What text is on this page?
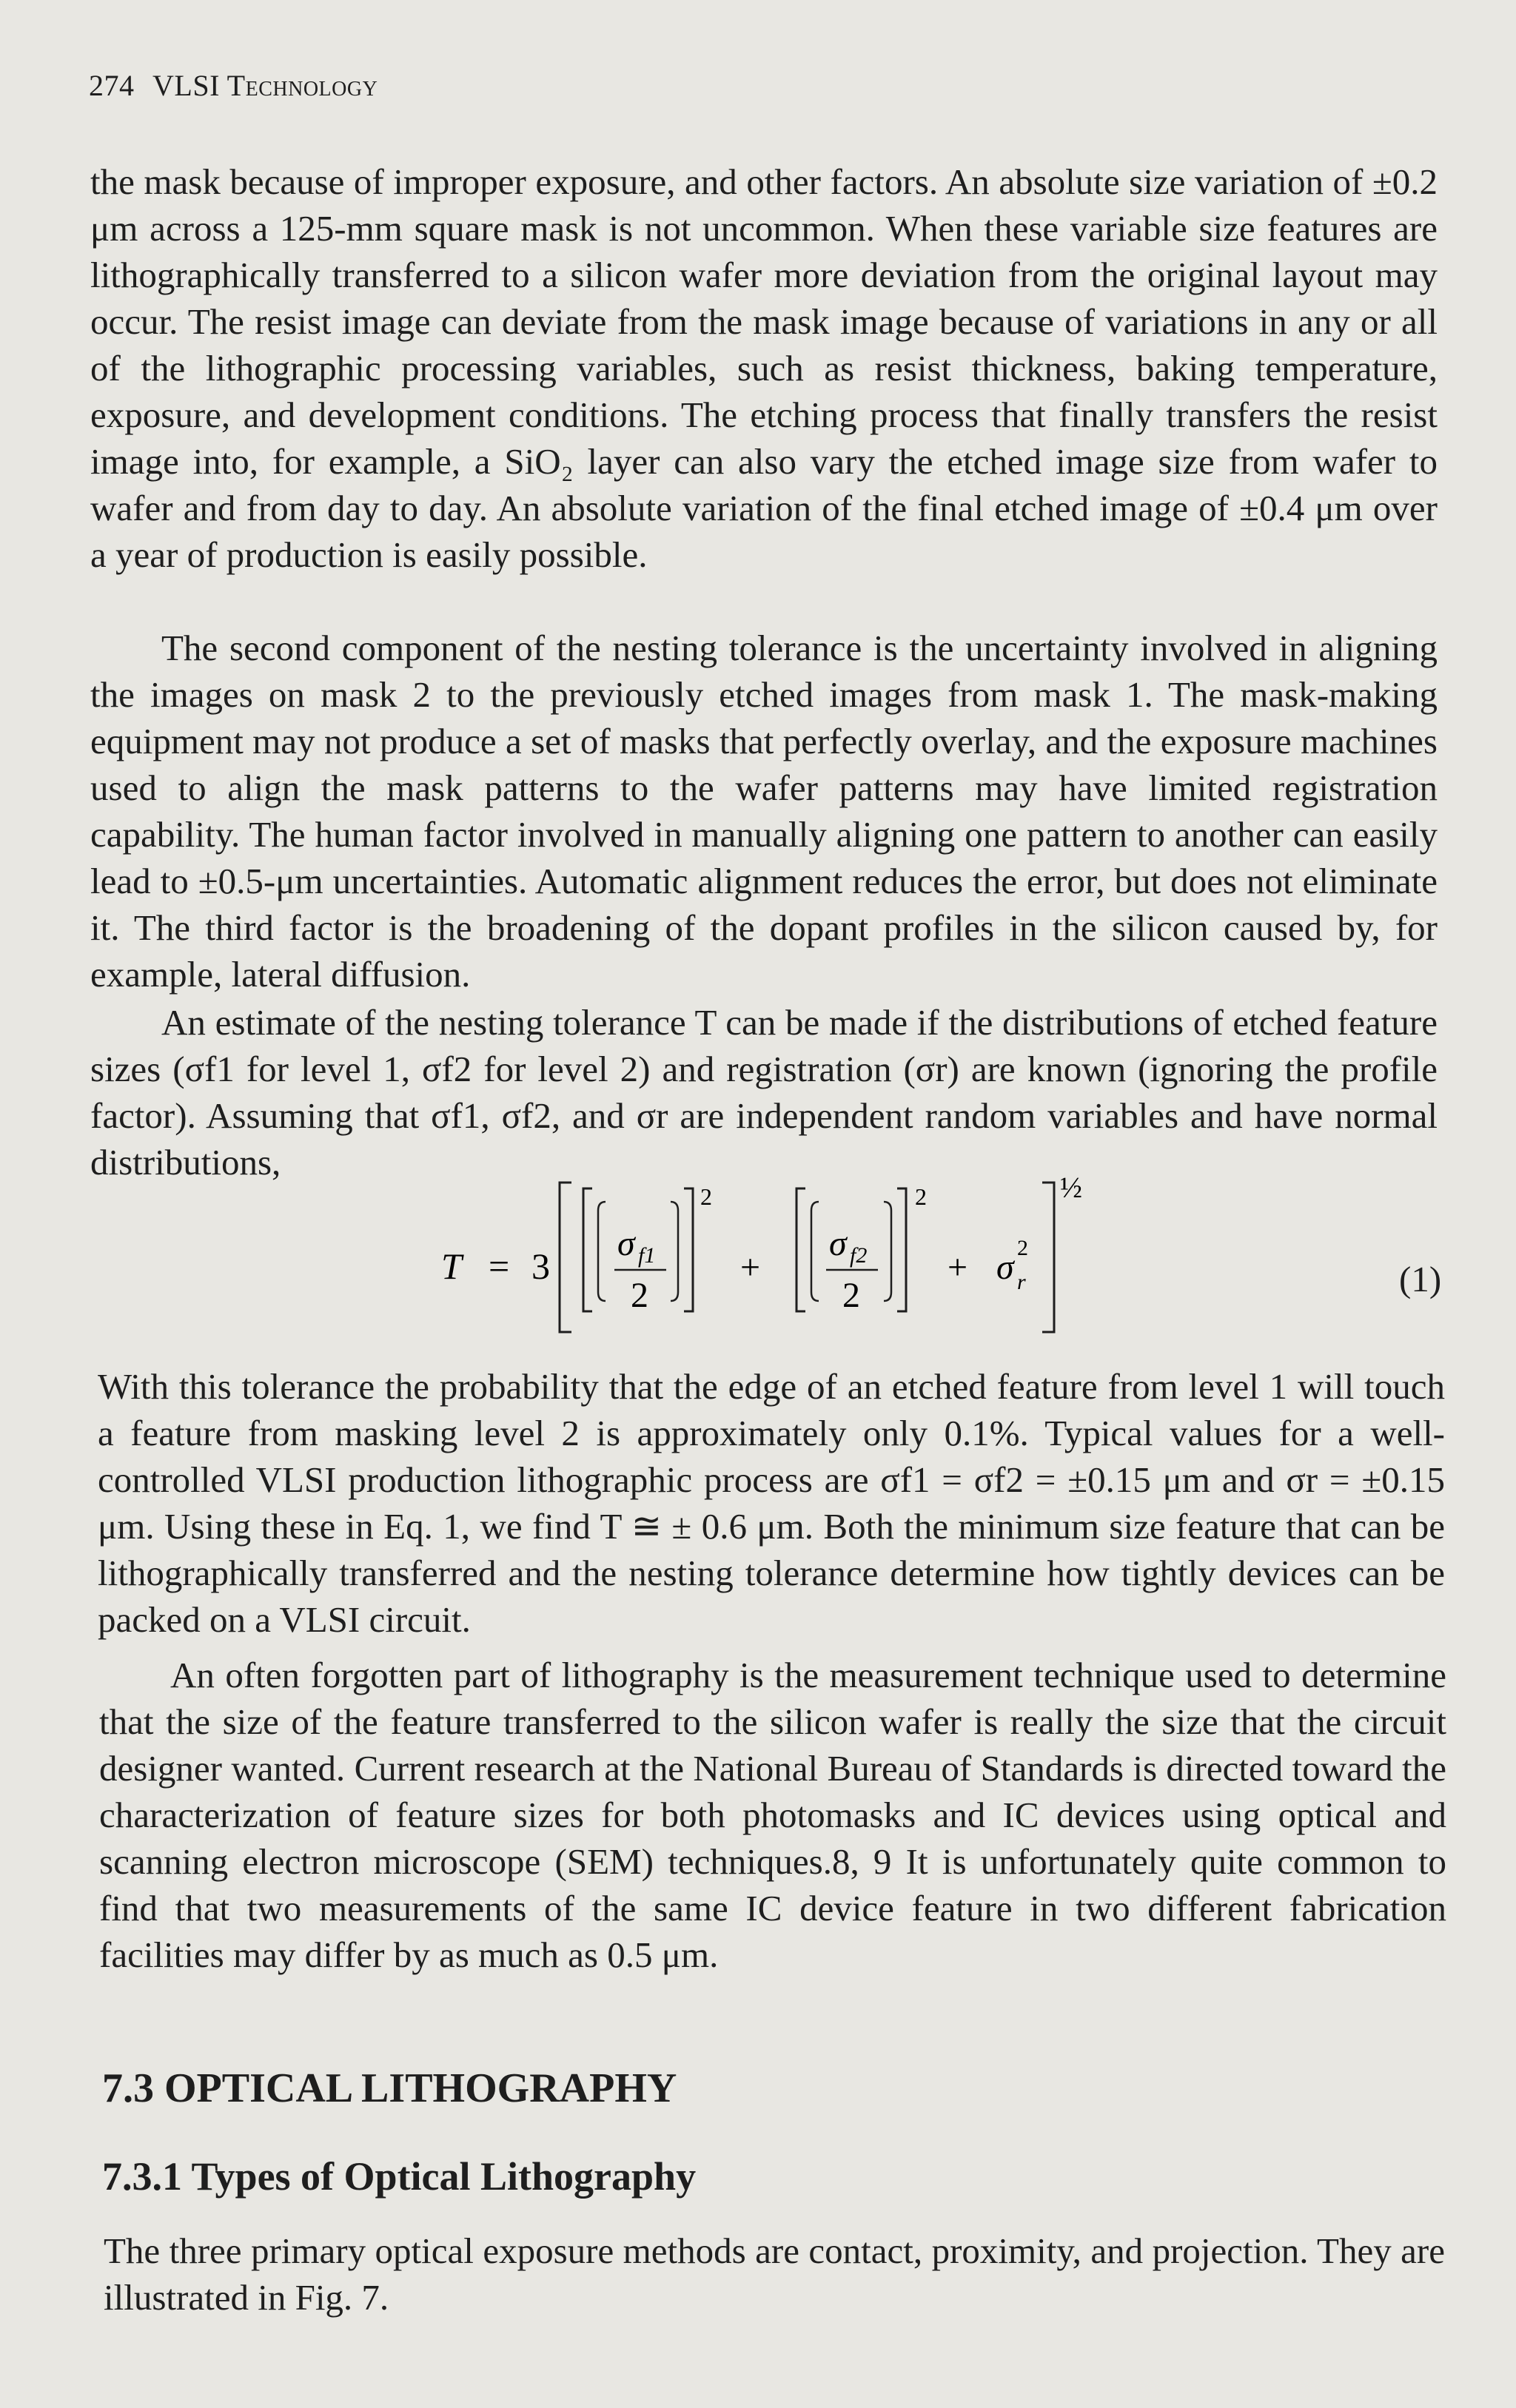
274 VLSI Technology

the mask because of improper exposure, and other factors. An absolute size variation of ±0.2 μm across a 125-mm square mask is not uncommon. When these variable size features are lithographically transferred to a silicon wafer more deviation from the original layout may occur. The resist image can deviate from the mask image because of variations in any or all of the lithographic processing variables, such as resist thickness, baking temperature, exposure, and development conditions. The etching process that finally transfers the resist image into, for example, a SiO₂ layer can also vary the etched image size from wafer to wafer and from day to day. An absolute variation of the final etched image of ±0.4 μm over a year of production is easily possible.

The second component of the nesting tolerance is the uncertainty involved in aligning the images on mask 2 to the previously etched images from mask 1. The mask-making equipment may not produce a set of masks that perfectly overlay, and the exposure machines used to align the mask patterns to the wafer patterns may have limited registration capability. The human factor involved in manually aligning one pattern to another can easily lead to ±0.5-μm uncertainties. Automatic alignment reduces the error, but does not eliminate it. The third factor is the broadening of the dopant profiles in the silicon caused by, for example, lateral diffusion.

An estimate of the nesting tolerance T can be made if the distributions of etched feature sizes (σf1 for level 1, σf2 for level 2) and registration (σr) are known (ignoring the profile factor). Assuming that σf1, σf2, and σr are independent random variables and have normal distributions,

T = 3
σ f1
2
2
+
σ f2
2
2
+ σ r
2
½
(1)

With this tolerance the probability that the edge of an etched feature from level 1 will touch a feature from masking level 2 is approximately only 0.1%. Typical values for a well-controlled VLSI production lithographic process are σf1 = σf2 = ±0.15 μm and σr = ±0.15 μm. Using these in Eq. 1, we find T ≅ ± 0.6 μm. Both the minimum size feature that can be lithographically transferred and the nesting tolerance determine how tightly devices can be packed on a VLSI circuit.

An often forgotten part of lithography is the measurement technique used to determine that the size of the feature transferred to the silicon wafer is really the size that the circuit designer wanted. Current research at the National Bureau of Standards is directed toward the characterization of feature sizes for both photomasks and IC devices using optical and scanning electron microscope (SEM) techniques.8, 9 It is unfortunately quite common to find that two measurements of the same IC device feature in two different fabrication facilities may differ by as much as 0.5 μm.

7.3 OPTICAL LITHOGRAPHY
7.3.1 Types of Optical Lithography

The three primary optical exposure methods are contact, proximity, and projection. They are illustrated in Fig. 7.
